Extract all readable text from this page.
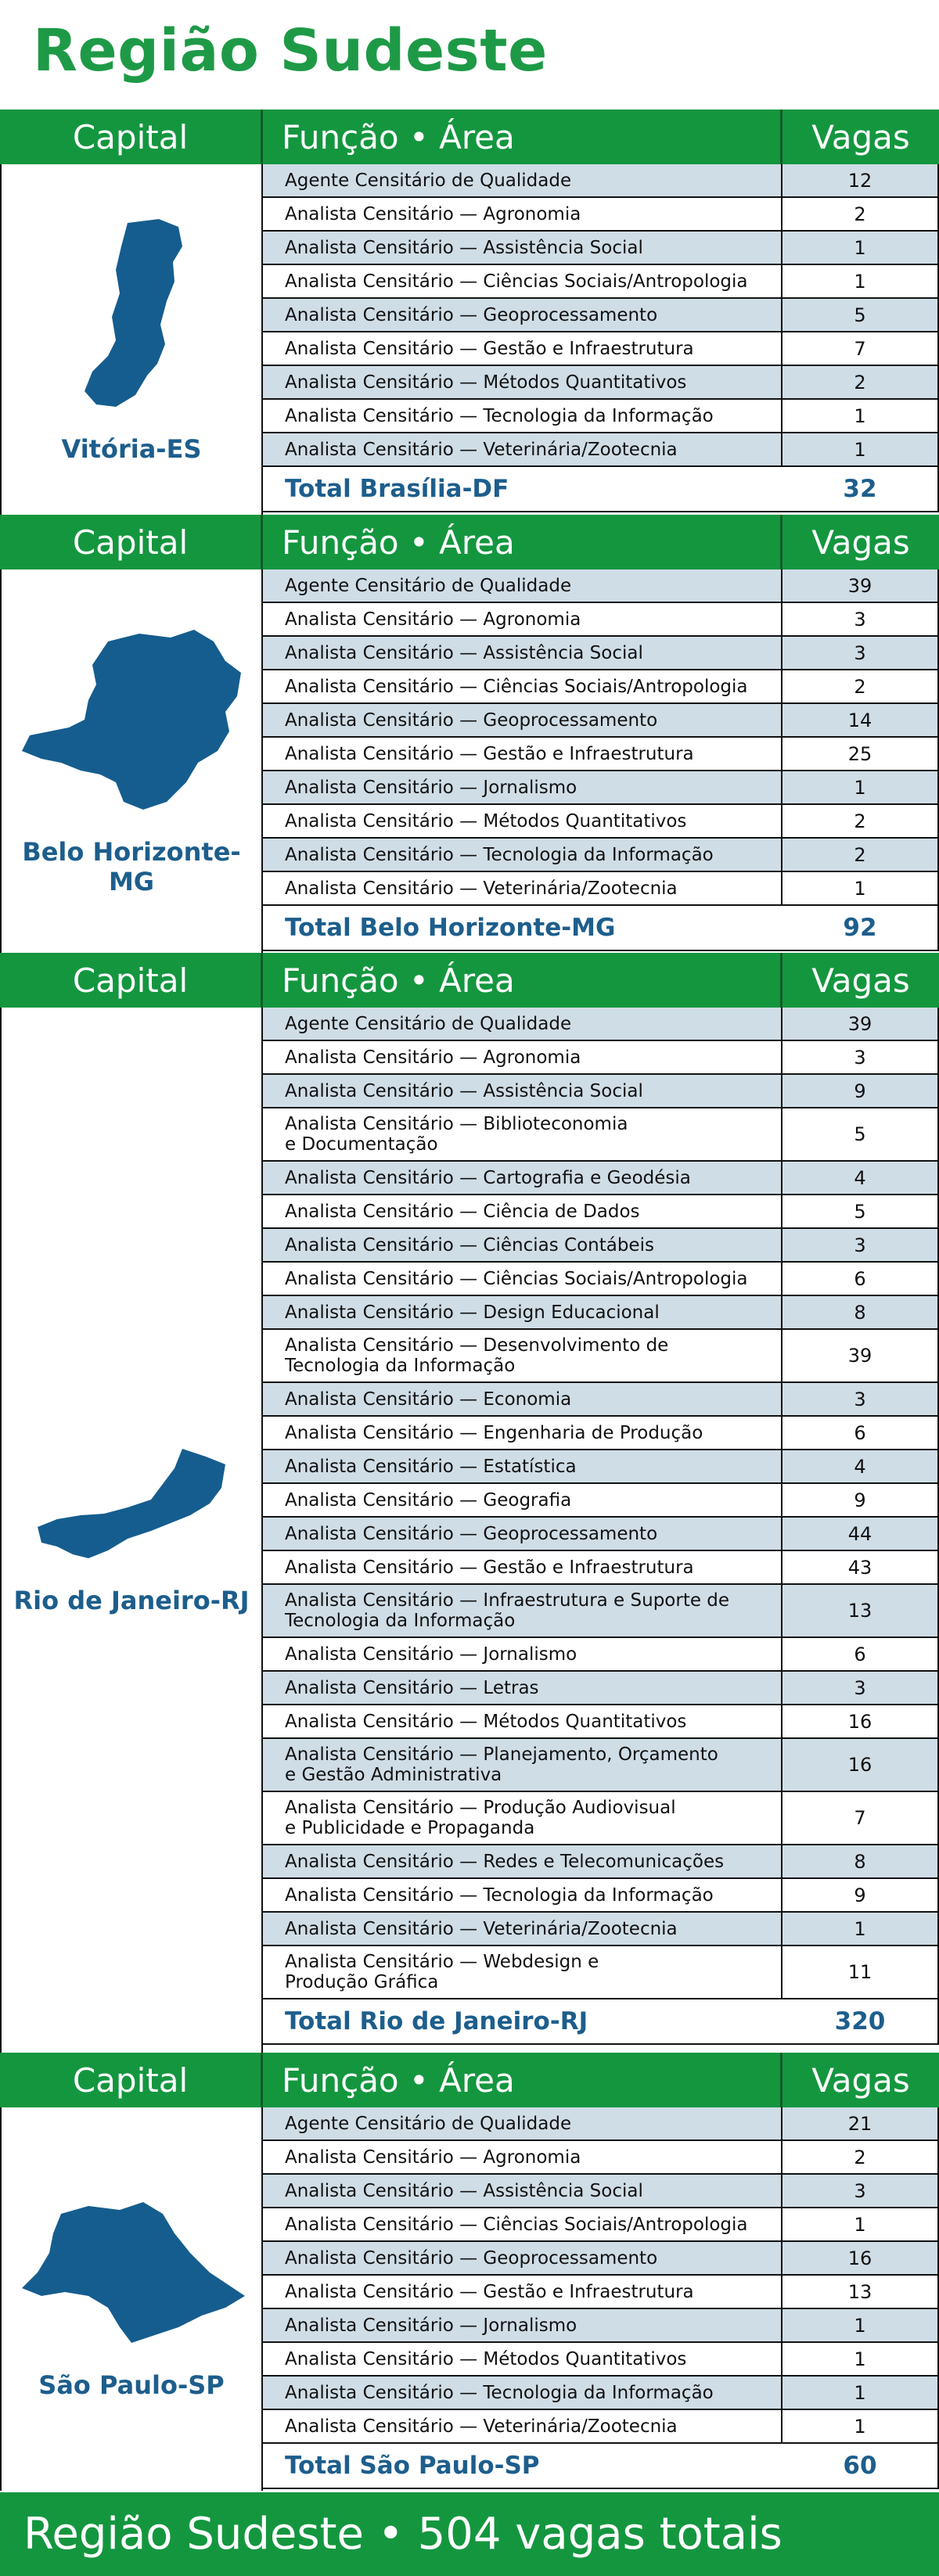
Região Sudeste
Capital	Função • Área	Vagas
Vitória-ES
Agente Censitário de Qualidade	12
Analista Censitário — Agronomia	2
Analista Censitário — Assistência Social	1
Analista Censitário — Ciências Sociais/Antropologia	1
Analista Censitário — Geoprocessamento	5
Analista Censitário — Gestão e Infraestrutura	7
Analista Censitário — Métodos Quantitativos	2
Analista Censitário — Tecnologia da Informação	1
Analista Censitário — Veterinária/Zootecnia	1
Total Brasília-DF	32
Capital	Função • Área	Vagas
Belo Horizonte-MG
Agente Censitário de Qualidade	39
Analista Censitário — Agronomia	3
Analista Censitário — Assistência Social	3
Analista Censitário — Ciências Sociais/Antropologia	2
Analista Censitário — Geoprocessamento	14
Analista Censitário — Gestão e Infraestrutura	25
Analista Censitário — Jornalismo	1
Analista Censitário — Métodos Quantitativos	2
Analista Censitário — Tecnologia da Informação	2
Analista Censitário — Veterinária/Zootecnia	1
Total Belo Horizonte-MG	92
Capital	Função • Área	Vagas
Rio de Janeiro-RJ
Agente Censitário de Qualidade	39
Analista Censitário — Agronomia	3
Analista Censitário — Assistência Social	9
Analista Censitário — Biblioteconomia
e Documentação	5
Analista Censitário — Cartografia e Geodésia	4
Analista Censitário — Ciência de Dados	5
Analista Censitário — Ciências Contábeis	3
Analista Censitário — Ciências Sociais/Antropologia	6
Analista Censitário — Design Educacional	8
Analista Censitário — Desenvolvimento de
Tecnologia da Informação	39
Analista Censitário — Economia	3
Analista Censitário — Engenharia de Produção	6
Analista Censitário — Estatística	4
Analista Censitário — Geografia	9
Analista Censitário — Geoprocessamento	44
Analista Censitário — Gestão e Infraestrutura	43
Analista Censitário — Infraestrutura e Suporte de
Tecnologia da Informação	13
Analista Censitário — Jornalismo	6
Analista Censitário — Letras	3
Analista Censitário — Métodos Quantitativos	16
Analista Censitário — Planejamento, Orçamento
e Gestão Administrativa	16
Analista Censitário — Produção Audiovisual
e Publicidade e Propaganda	7
Analista Censitário — Redes e Telecomunicações	8
Analista Censitário — Tecnologia da Informação	9
Analista Censitário — Veterinária/Zootecnia	1
Analista Censitário — Webdesign e
Produção Gráfica	11
Total Rio de Janeiro-RJ	320
Capital	Função • Área	Vagas
São Paulo-SP
Agente Censitário de Qualidade	21
Analista Censitário — Agronomia	2
Analista Censitário — Assistência Social	3
Analista Censitário — Ciências Sociais/Antropologia	1
Analista Censitário — Geoprocessamento	16
Analista Censitário — Gestão e Infraestrutura	13
Analista Censitário — Jornalismo	1
Analista Censitário — Métodos Quantitativos	1
Analista Censitário — Tecnologia da Informação	1
Analista Censitário — Veterinária/Zootecnia	1
Total São Paulo-SP	60
Região Sudeste • 504 vagas totais
